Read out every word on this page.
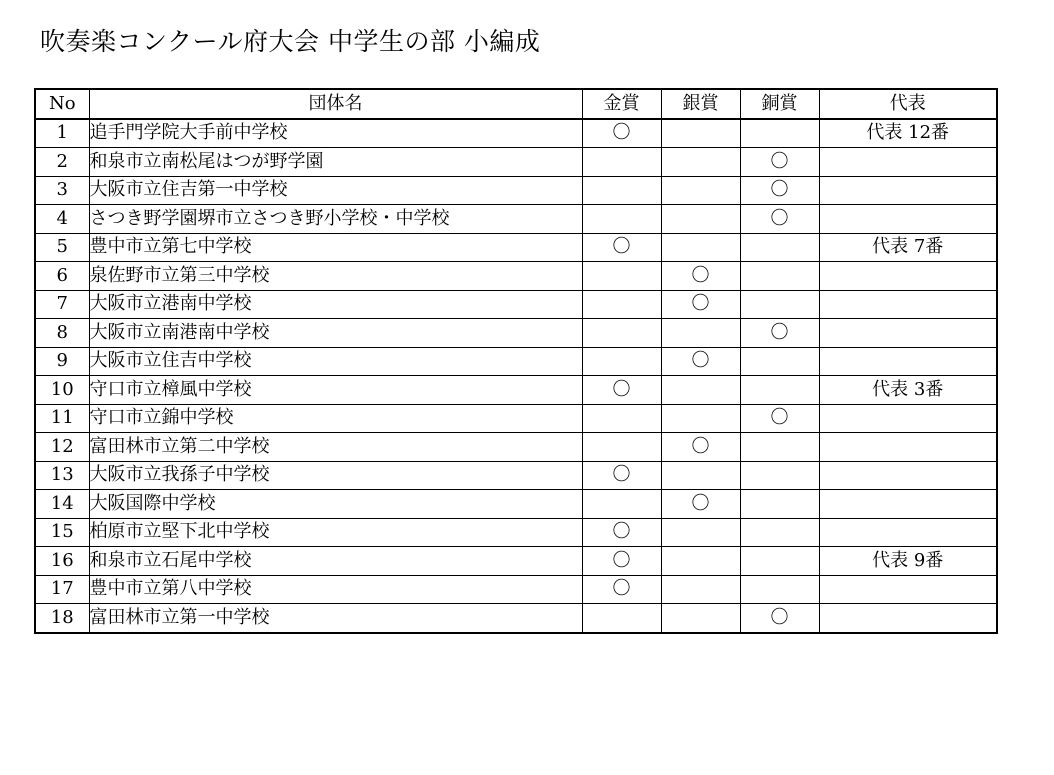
吹奏楽コンクール府大会 中学生の部 小編成
No	団体名	金賞	銀賞	銅賞	代表
1	追手門学院大手前中学校	〇			代表 12番
2	和泉市立南松尾はつが野学園			〇	
3	大阪市立住吉第一中学校			〇	
4	さつき野学園堺市立さつき野小学校・中学校			〇	
5	豊中市立第七中学校	〇			代表 7番
6	泉佐野市立第三中学校		〇		
7	大阪市立港南中学校		〇		
8	大阪市立南港南中学校			〇	
9	大阪市立住吉中学校		〇		
10	守口市立樟風中学校	〇			代表 3番
11	守口市立錦中学校			〇	
12	富田林市立第二中学校		〇		
13	大阪市立我孫子中学校	〇			
14	大阪国際中学校		〇		
15	柏原市立堅下北中学校	〇			
16	和泉市立石尾中学校	〇			代表 9番
17	豊中市立第八中学校	〇			
18	富田林市立第一中学校			〇	
